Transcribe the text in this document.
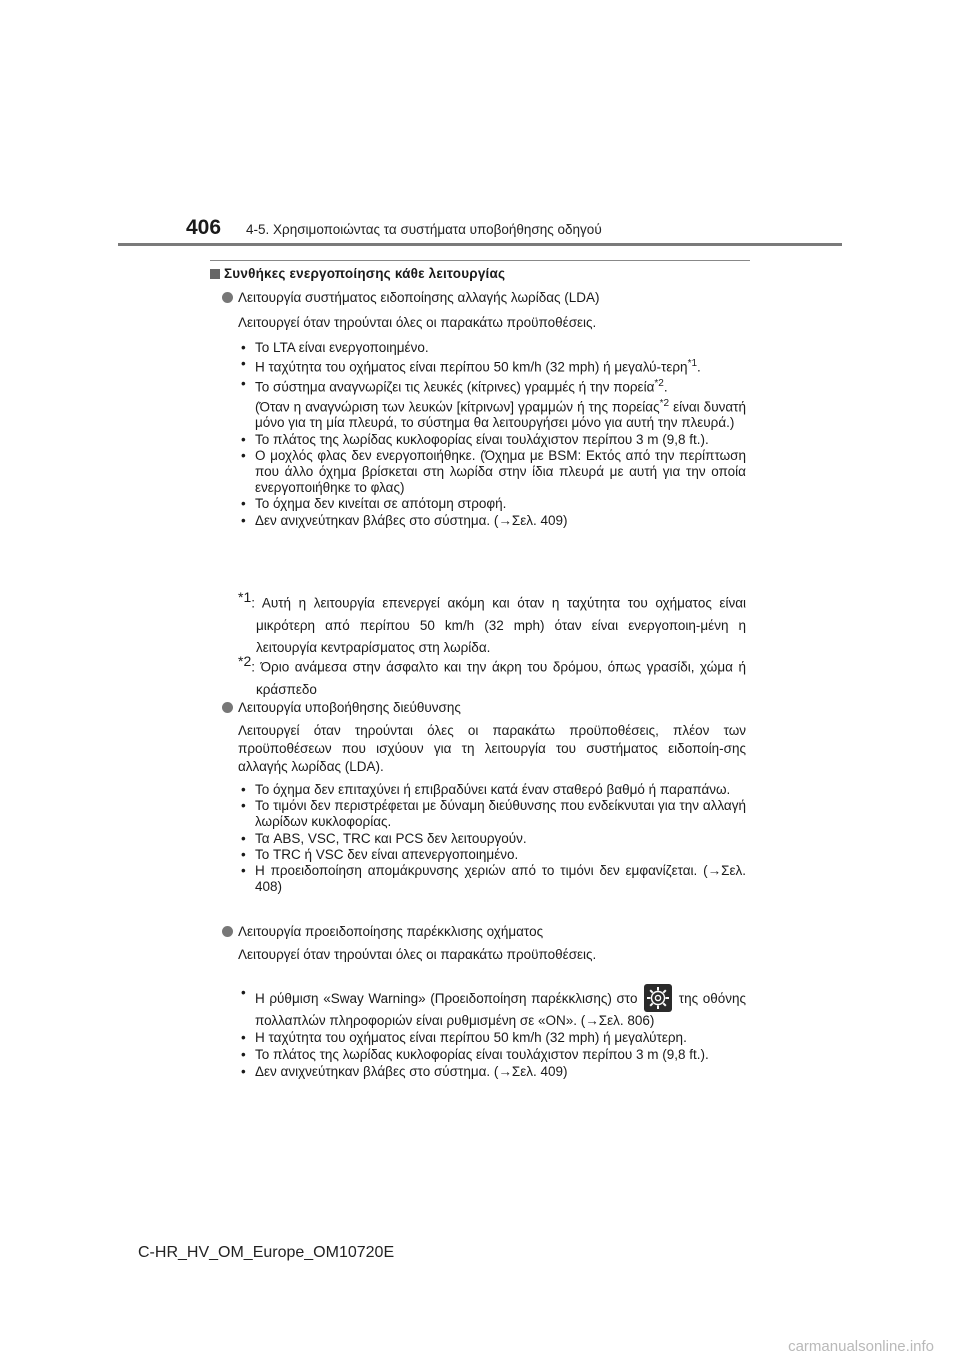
406 4-5. Χρησιμοποιώντας τα συστήματα υποβοήθησης οδηγού
Συνθήκες ενεργοποίησης κάθε λειτουργίας
Λειτουργία συστήματος ειδοποίησης αλλαγής λωρίδας (LDA)
Λειτουργεί όταν τηρούνται όλες οι παρακάτω προϋποθέσεις.
• Το LTA είναι ενεργοποιημένο.
• Η ταχύτητα του οχήματος είναι περίπου 50 km/h (32 mph) ή μεγαλύ-τερη$^{*1}$.
• Το σύστημα αναγνωρίζει τις λευκές (κίτρινες) γραμμές ή την πορεία$^{*2}$.
(Όταν η αναγνώριση των λευκών [κίτρινων] γραμμών ή της πορείας$^{*2}$ είναι δυνατή μόνο για τη μία πλευρά, το σύστημα θα λειτουργήσει μόνο για αυτή την πλευρά.)
• Το πλάτος της λωρίδας κυκλοφορίας είναι τουλάχιστον περίπου 3 m (9,8 ft.).
• Ο μοχλός φλας δεν ενεργοποιήθηκε. (Όχημα με BSM: Εκτός από την περίπτωση που άλλο όχημα βρίσκεται στη λωρίδα στην ίδια πλευρά με αυτή για την οποία ενεργοποιήθηκε το φλας)
• Το όχημα δεν κινείται σε απότομη στροφή.
• Δεν ανιχνεύτηκαν βλάβες στο σύστημα. (→Σελ. 409)
$^{*1}$: Αυτή η λειτουργία επενεργεί ακόμη και όταν η ταχύτητα του οχήματος είναι μικρότερη από περίπου 50 km/h (32 mph) όταν είναι ενεργοποιη-μένη η λειτουργία κεντραρίσματος στη λωρίδα.
$^{*2}$: Όριο ανάμεσα στην άσφαλτο και την άκρη του δρόμου, όπως γρασίδι, χώμα ή κράσπεδο
Λειτουργία υποβοήθησης διεύθυνσης
Λειτουργεί όταν τηρούνται όλες οι παρακάτω προϋποθέσεις, πλέον των προϋποθέσεων που ισχύουν για τη λειτουργία του συστήματος ειδοποίη-σης αλλαγής λωρίδας (LDA).
• Το όχημα δεν επιταχύνει ή επιβραδύνει κατά έναν σταθερό βαθμό ή παραπάνω.
• Το τιμόνι δεν περιστρέφεται με δύναμη διεύθυνσης που ενδείκνυται για την αλλαγή λωρίδων κυκλοφορίας.
• Τα ABS, VSC, TRC και PCS δεν λειτουργούν.
• Το TRC ή VSC δεν είναι απενεργοποιημένο.
• Η προειδοποίηση απομάκρυνσης χεριών από το τιμόνι δεν εμφανίζεται. (→Σελ. 408)
Λειτουργία προειδοποίησης παρέκκλισης οχήματος
Λειτουργεί όταν τηρούνται όλες οι παρακάτω προϋποθέσεις.
• Η ρύθμιση «Sway Warning» (Προειδοποίηση παρέκκλισης) στο	της οθόνης πολλαπλών πληροφοριών είναι ρυθμισμένη σε «ON». (→Σελ. 806)
• Η ταχύτητα του οχήματος είναι περίπου 50 km/h (32 mph) ή μεγαλύτερη.
• Το πλάτος της λωρίδας κυκλοφορίας είναι τουλάχιστον περίπου 3 m (9,8 ft.).
• Δεν ανιχνεύτηκαν βλάβες στο σύστημα. (→Σελ. 409)
C-HR_HV_OM_Europe_OM10720E
carmanualsonline.info
